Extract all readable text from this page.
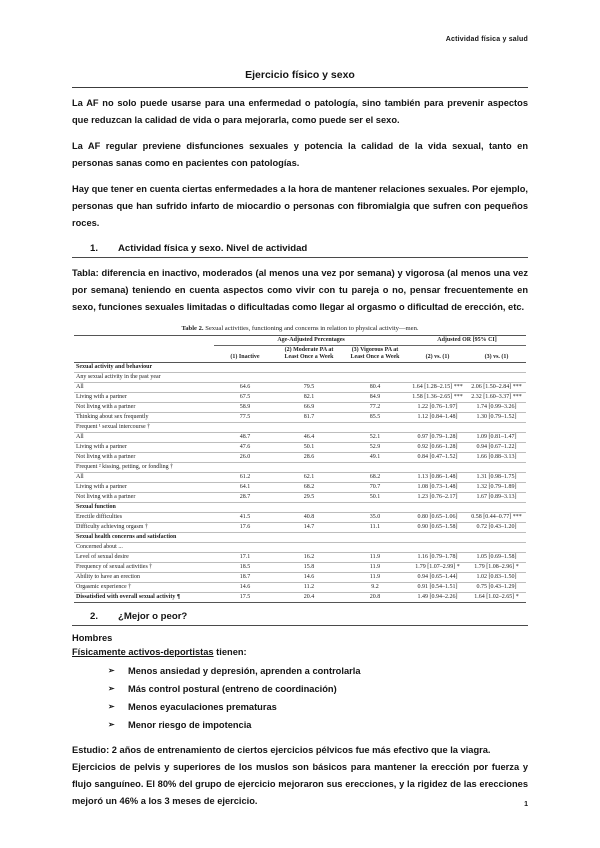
Actividad física y salud
Ejercicio físico y sexo

La AF no solo puede usarse para una enfermedad o patología, sino también para prevenir aspectos que reduzcan la calidad de vida o para mejorarla, como puede ser el sexo.

La AF regular previene disfunciones sexuales y potencia la calidad de la vida sexual, tanto en personas sanas como en pacientes con patologías.

Hay que tener en cuenta ciertas enfermedades a la hora de mantener relaciones sexuales. Por ejemplo, personas que han sufrido infarto de miocardio o personas con fibromialgia que sufren con pequeños roces.

1.	Actividad física y sexo. Nivel de actividad

Tabla: diferencia en inactivo, moderados (al menos una vez por semana) y vigorosa (al menos una vez por semana) teniendo en cuenta aspectos como vivir con tu pareja o no, pensar frecuentemente en sexo, funciones sexuales limitadas o dificultadas como llegar al orgasmo o dificultad de erección, etc.

Table 2. Sexual activities, functioning and concerns in relation to physical activity—men.
	Age-Adjusted Percentages			Adjusted OR [95% CI]	
	(1) Inactive	(2) Moderate PA at Least Once a Week	(3) Vigorous PA at Least Once a Week	(2) vs. (1)	(3) vs. (1)
Sexual activity and behaviour					
Any sexual activity in the past year					
All	64.6	79.5	80.4	1.64 [1.28–2.15] ***	2.06 [1.50–2.84] ***
Living with a partner	67.5	82.1	84.9	1.58 [1.36–2.65] ***	2.32 [1.60–3.37] ***
Not living with a partner	58.9	66.9	77.2	1.22 [0.76–1.97]	1.74 [0.99–3.26]
Thinking about sex frequently	77.5	81.7	85.5	1.12 [0.84–1.48]	1.30 [0.79–1.52]
Frequent ¹ sexual intercourse †					
All	48.7	46.4	52.1	0.97 [0.79–1.28]	1.09 [0.81–1.47]
Living with a partner	47.6	50.1	52.9	0.92 [0.66–1.28]	0.94 [0.67–1.22]
Not living with a partner	26.0	28.6	49.1	0.84 [0.47–1.52]	1.66 [0.88–3.13]
Frequent ² kissing, petting, or fondling †					
All	61.2	62.1	68.2	1.13 [0.86–1.48]	1.31 [0.98–1.75]
Living with a partner	64.1	68.2	70.7	1.08 [0.73–1.48]	1.32 [0.79–1.89]
Not living with a partner	28.7	29.5	50.1	1.23 [0.76–2.17]	1.67 [0.89–3.13]
Sexual function					
Erectile difficulties	41.5	40.8	35.0	0.80 [0.65–1.06]	0.58 [0.44–0.77] ***
Difficulty achieving orgasm †	17.6	14.7	11.1	0.90 [0.65–1.58]	0.72 [0.43–1.20]
Sexual health concerns and satisfaction					
Concerned about ...					
Level of sexual desire	17.1	16.2	11.9	1.16 [0.79–1.78]	1.05 [0.69–1.58]
Frequency of sexual activities †	18.5	15.8	11.9	1.79 [1.07–2.99] *	1.79 [1.08–2.96] *
Ability to have an erection	18.7	14.6	11.9	0.94 [0.65–1.44]	1.02 [0.83–1.50]
Orgasmic experience †	14.6	11.2	9.2	0.91 [0.54–1.51]	0.75 [0.43–1.29]
Dissatisfied with overall sexual activity ¶	17.5	20.4	20.8	1.49 [0.94–2.26]	1.64 [1.02–2.65] *
2.	¿Mejor o peor?
Hombres
Físicamente activos-deportistas tienen:
➢	Menos ansiedad y depresión, aprenden a controlarla
➢	Más control postural (entreno de coordinación)
➢	Menos eyaculaciones prematuras
➢	Menor riesgo de impotencia

Estudio: 2 años de entrenamiento de ciertos ejercicios pélvicos fue más efectivo que la viagra.

Ejercicios de pelvis y superiores de los muslos son básicos para mantener la erección por fuerza y flujo sanguíneo. El 80% del grupo de ejercicio mejoraron sus erecciones, y la rigidez de las erecciones mejoró un 46% a los 3 meses de ejercicio.	1
